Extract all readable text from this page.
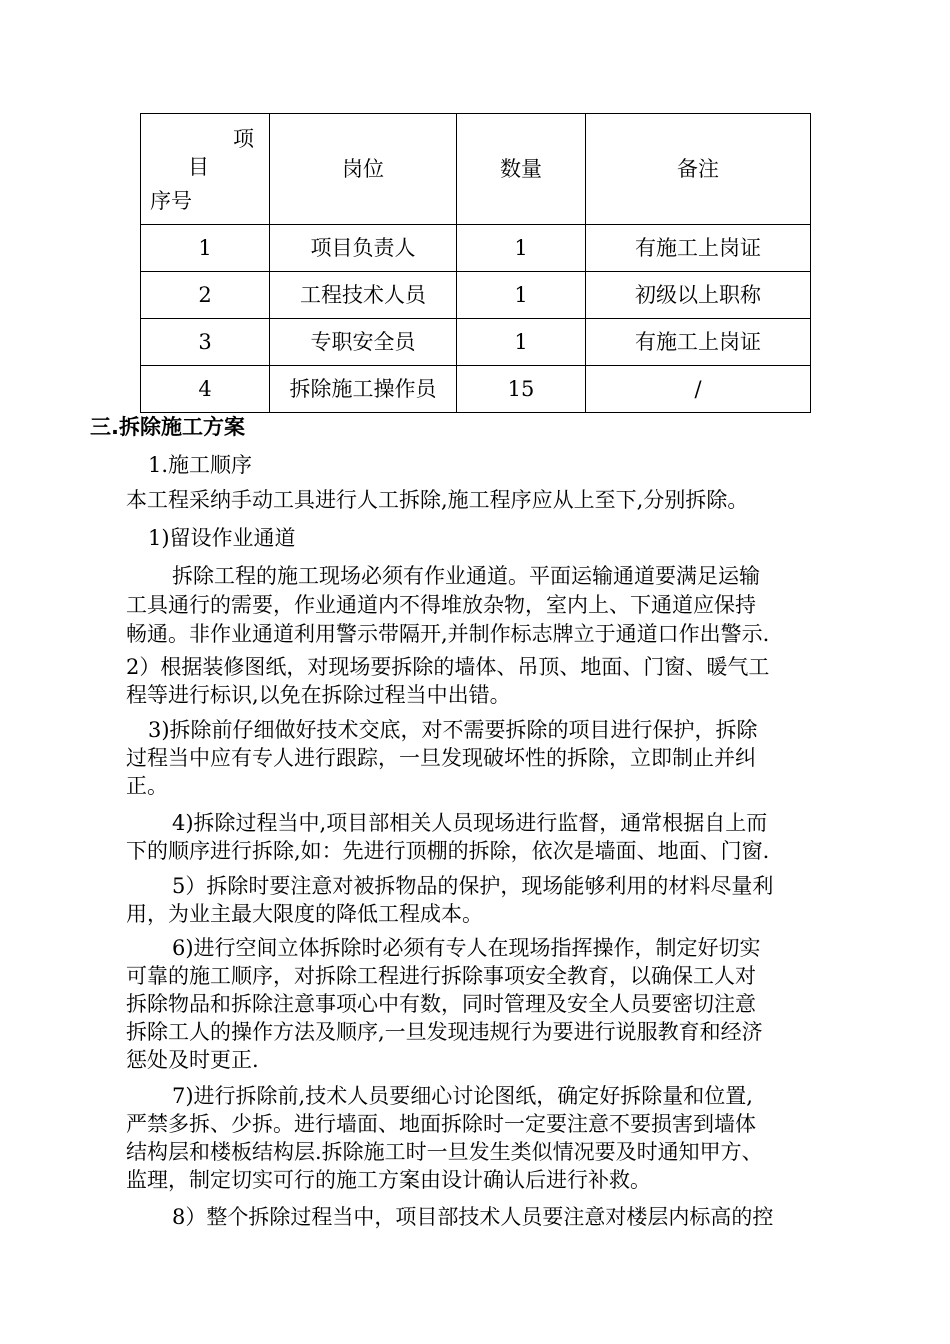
项
目
序号	岗位	数量	备注
1	项目负责人	1	有施工上岗证
2	工程技术人员	1	初级以上职称
3	专职安全员	1	有施工上岗证
4	拆除施工操作员	15	/

三.拆除施工方案

1.施工顺序

本工程采纳手动工具进行人工拆除,施工程序应从上至下,分别拆除。

1)留设作业通道

拆除工程的施工现场必须有作业通道。平面运输通道要满足运输

工具通行的需要，作业通道内不得堆放杂物，室内上、下通道应保持

畅通。非作业通道利用警示带隔开,并制作标志牌立于通道口作出警示.

2）根据装修图纸，对现场要拆除的墙体、吊顶、地面、门窗、暖气工

程等进行标识,以免在拆除过程当中出错。

3)拆除前仔细做好技术交底，对不需要拆除的项目进行保护，拆除

过程当中应有专人进行跟踪，一旦发现破坏性的拆除，立即制止并纠

正。

4)拆除过程当中,项目部相关人员现场进行监督，通常根据自上而

下的顺序进行拆除,如：先进行顶棚的拆除，依次是墙面、地面、门窗.

5）拆除时要注意对被拆物品的保护，现场能够利用的材料尽量利

用，为业主最大限度的降低工程成本。

6)进行空间立体拆除时必须有专人在现场指挥操作，制定好切实

可靠的施工顺序，对拆除工程进行拆除事项安全教育，以确保工人对

拆除物品和拆除注意事项心中有数，同时管理及安全人员要密切注意

拆除工人的操作方法及顺序,一旦发现违规行为要进行说服教育和经济

惩处及时更正.

7)进行拆除前,技术人员要细心讨论图纸，确定好拆除量和位置,

严禁多拆、少拆。进行墙面、地面拆除时一定要注意不要损害到墙体

结构层和楼板结构层.拆除施工时一旦发生类似情况要及时通知甲方、

监理，制定切实可行的施工方案由设计确认后进行补救。

8）整个拆除过程当中，项目部技术人员要注意对楼层内标高的控
